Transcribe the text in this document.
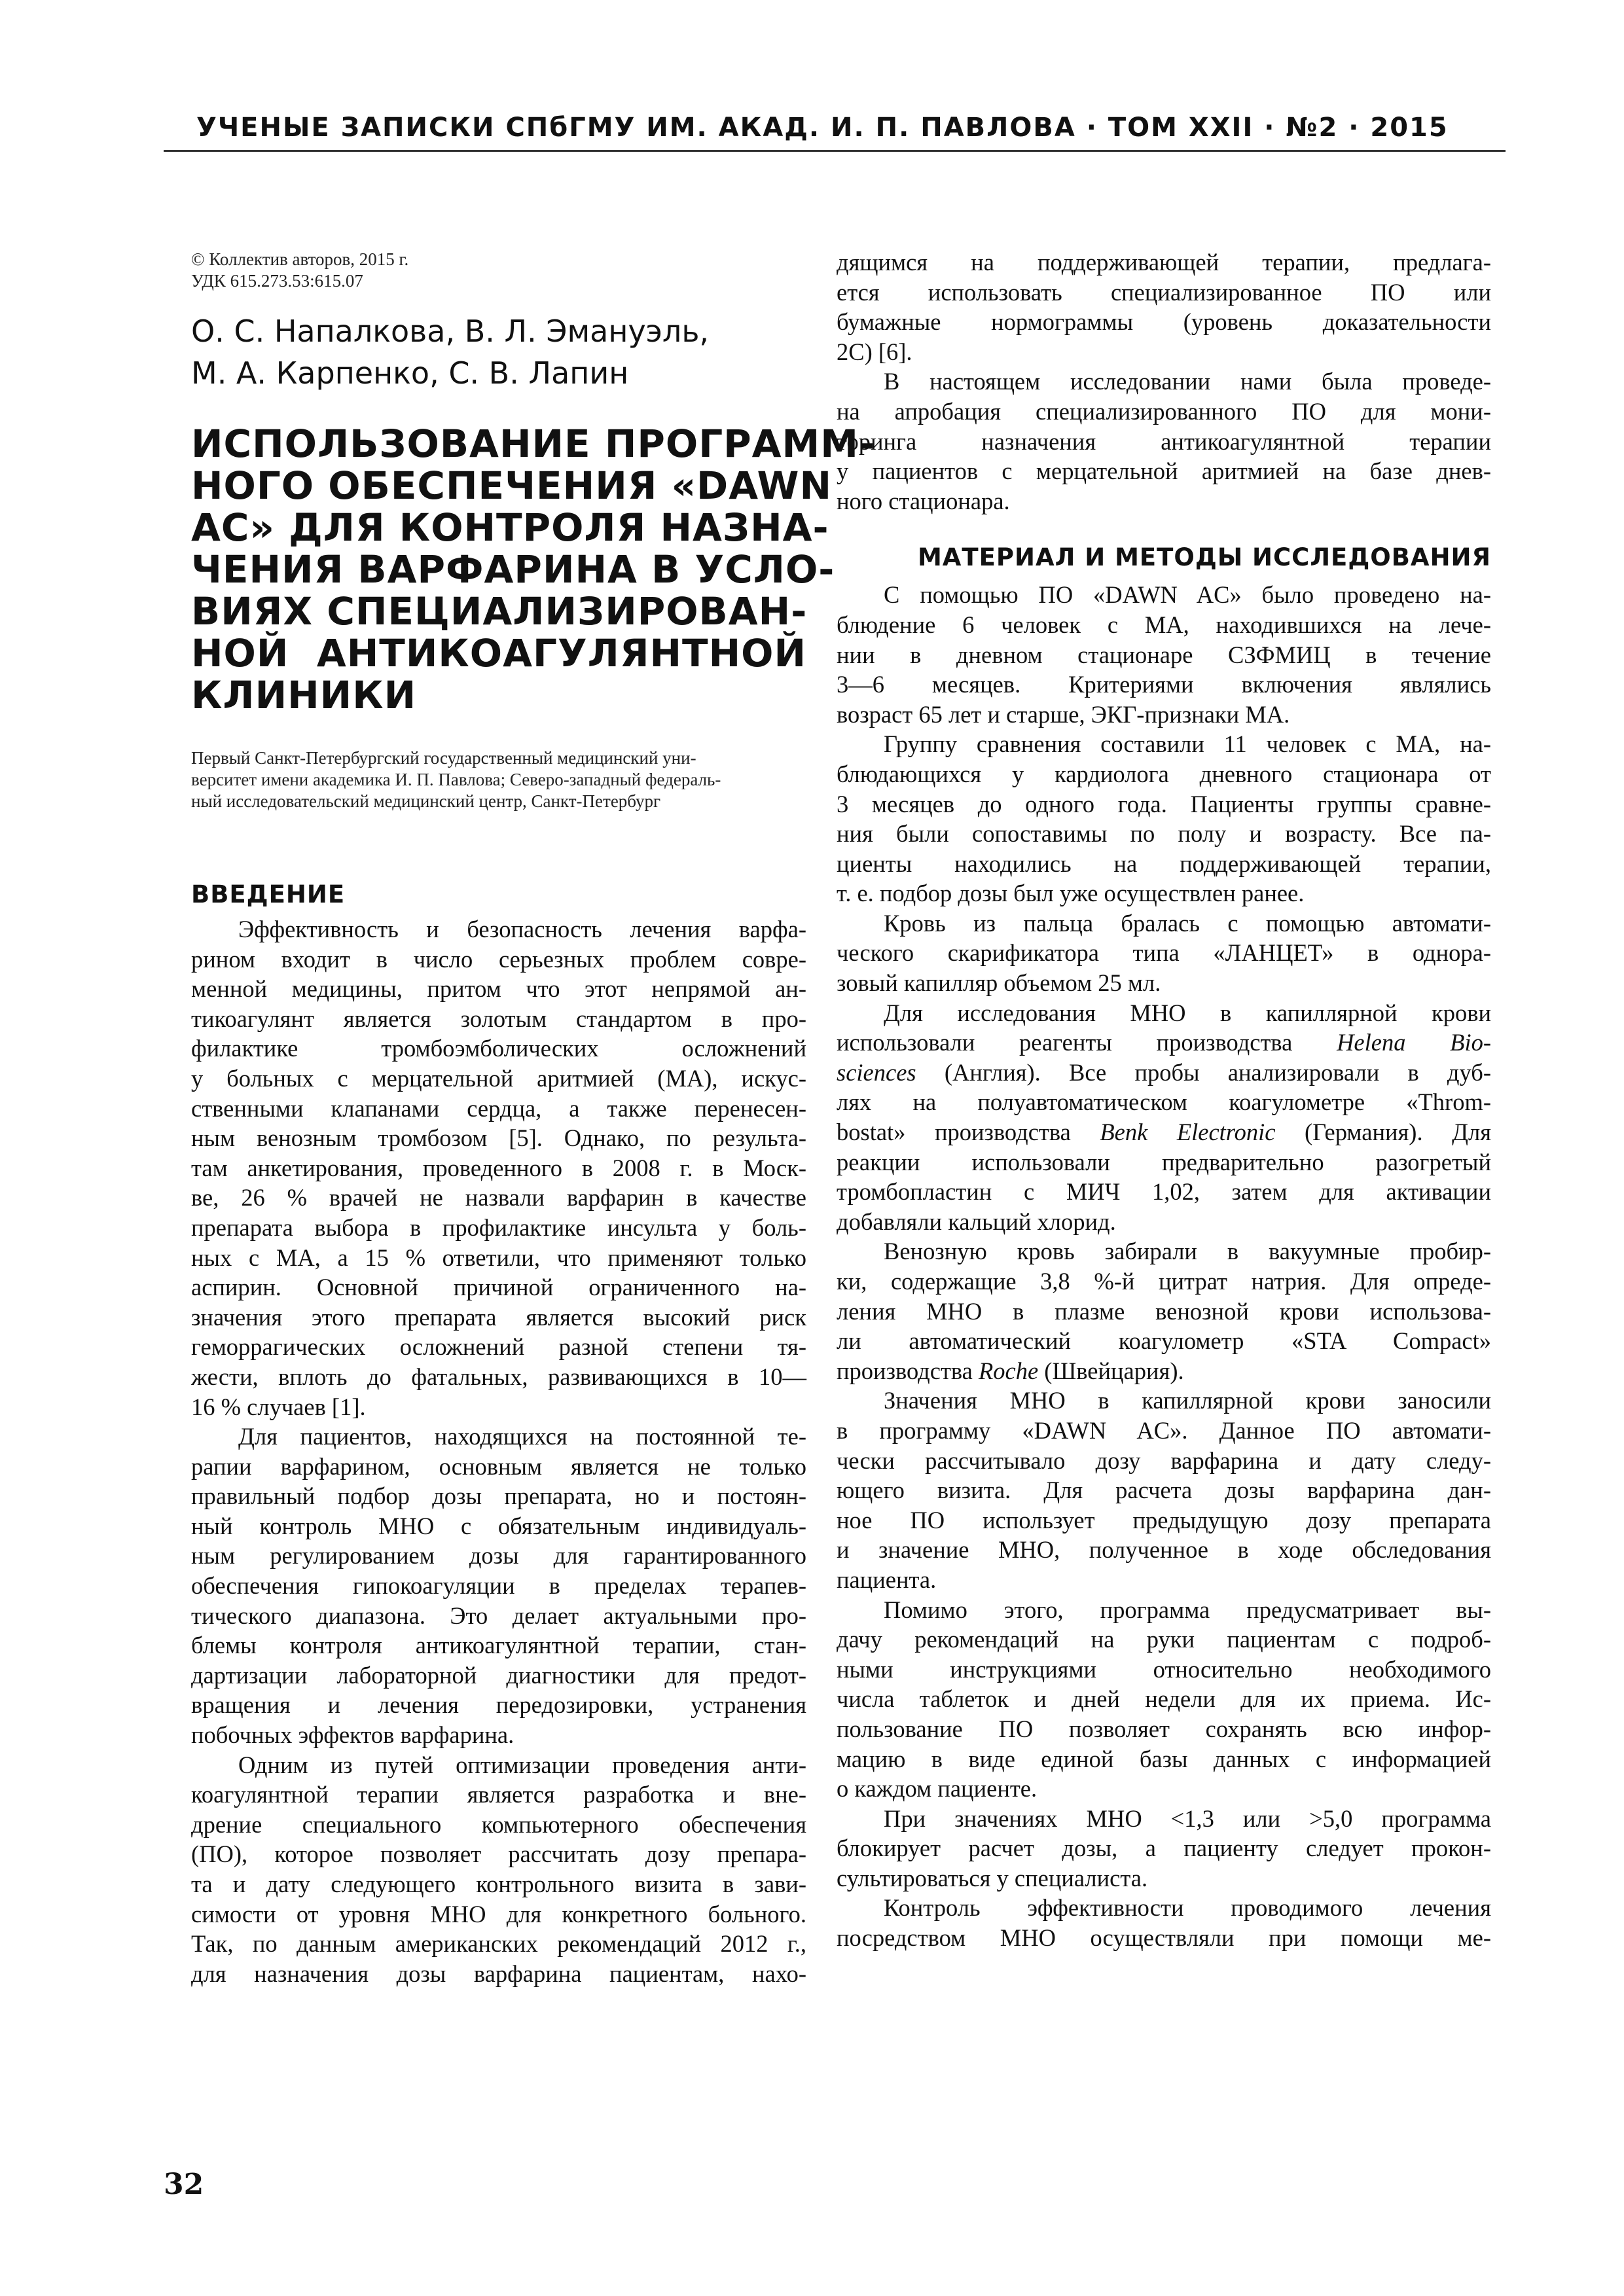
УЧЕНЫЕ ЗАПИСКИ СПбГМУ ИМ. АКАД. И. П. ПАВЛОВА · ТОМ XXII · №2 · 2015
© Коллектив авторов, 2015 г.
УДК 615.273.53:615.07
О. С. Напалкова, В. Л. Эмануэль,
М. А. Карпенко, С. В. Лапин
ИСПОЛЬЗОВАНИЕ ПРОГРАММ-
НОГО ОБЕСПЕЧЕНИЯ «DAWN
AC» ДЛЯ КОНТРОЛЯ НАЗНА-
ЧЕНИЯ ВАРФАРИНА В УСЛО-
ВИЯХ СПЕЦИАЛИЗИРОВАН-
НОЙ АНТИКОАГУЛЯНТНОЙ
КЛИНИКИ
Первый Санкт-Петербургский государственный медицинский уни-
верситет имени академика И. П. Павлова; Северо-западный федераль-
ный исследовательский медицинский центр, Санкт-Петербург
ВВЕДЕНИЕ
Эффективность и безопасность лечения варфа-
рином входит в число серьезных проблем совре-
менной медицины, притом что этот непрямой ан-
тикоагулянт является золотым стандартом в про-
филактике тромбоэмболических осложнений
у больных с мерцательной аритмией (МА), искус-
ственными клапанами сердца, а также перенесен-
ным венозным тромбозом [5]. Однако, по результа-
там анкетирования, проведенного в 2008 г. в Моск-
ве, 26 % врачей не назвали варфарин в качестве
препарата выбора в профилактике инсульта у боль-
ных с МА, а 15 % ответили, что применяют только
аспирин. Основной причиной ограниченного на-
значения этого препарата является высокий риск
геморрагических осложнений разной степени тя-
жести, вплоть до фатальных, развивающихся в 10—
16 % случаев [1].
Для пациентов, находящихся на постоянной те-
рапии варфарином, основным является не только
правильный подбор дозы препарата, но и постоян-
ный контроль МНО с обязательным индивидуаль-
ным регулированием дозы для гарантированного
обеспечения гипокоагуляции в пределах терапев-
тического диапазона. Это делает актуальными про-
блемы контроля антикоагулянтной терапии, стан-
дартизации лабораторной диагностики для предот-
вращения и лечения передозировки, устранения
побочных эффектов варфарина.
Одним из путей оптимизации проведения анти-
коагулянтной терапии является разработка и вне-
дрение специального компьютерного обеспечения
(ПО), которое позволяет рассчитать дозу препара-
та и дату следующего контрольного визита в зави-
симости от уровня МНО для конкретного больного.
Так, по данным американских рекомендаций 2012 г.,
для назначения дозы варфарина пациентам, нахо-
дящимся на поддерживающей терапии, предлага-
ется использовать специализированное ПО или
бумажные нормограммы (уровень доказательности
2C) [6].
В настоящем исследовании нами была проведе-
на апробация специализированного ПО для мони-
торинга назначения антикоагулянтной терапии
у пациентов с мерцательной аритмией на базе днев-
ного стационара.
МАТЕРИАЛ И МЕТОДЫ ИССЛЕДОВАНИЯ
С помощью ПО «DAWN AC» было проведено на-
блюдение 6 человек с МА, находившихся на лече-
нии в дневном стационаре СЗФМИЦ в течение
3—6 месяцев. Критериями включения являлись
возраст 65 лет и старше, ЭКГ-признаки МА.
Группу сравнения составили 11 человек с МА, на-
блюдающихся у кардиолога дневного стационара от
3 месяцев до одного года. Пациенты группы сравне-
ния были сопоставимы по полу и возрасту. Все па-
циенты находились на поддерживающей терапии,
т. е. подбор дозы был уже осуществлен ранее.
Кровь из пальца бралась с помощью автомати-
ческого скарификатора типа «ЛАНЦЕТ» в однора-
зовый капилляр объемом 25 мл.
Для исследования МНО в капиллярной крови
использовали реагенты производства Helena Bio-
sciences (Англия). Все пробы анализировали в дуб-
лях на полуавтоматическом коагулометре «Throm-
bostat» производства Benk Electronic (Германия). Для
реакции использовали предварительно разогретый
тромбопластин с МИЧ 1,02, затем для активации
добавляли кальций хлорид.
Венозную кровь забирали в вакуумные пробир-
ки, содержащие 3,8 %-й цитрат натрия. Для опреде-
ления МНО в плазме венозной крови использова-
ли автоматический коагулометр «STA Compact»
производства Roche (Швейцария).
Значения МНО в капиллярной крови заносили
в программу «DAWN AC». Данное ПО автомати-
чески рассчитывало дозу варфарина и дату следу-
ющего визита. Для расчета дозы варфарина дан-
ное ПО использует предыдущую дозу препарата
и значение МНО, полученное в ходе обследования
пациента.
Помимо этого, программа предусматривает вы-
дачу рекомендаций на руки пациентам с подроб-
ными инструкциями относительно необходимого
числа таблеток и дней недели для их приема. Ис-
пользование ПО позволяет сохранять всю инфор-
мацию в виде единой базы данных с информацией
о каждом пациенте.
При значениях МНО <1,3 или >5,0 программа
блокирует расчет дозы, а пациенту следует прокон-
сультироваться у специалиста.
Контроль эффективности проводимого лечения
посредством МНО осуществляли при помощи ме-
32
